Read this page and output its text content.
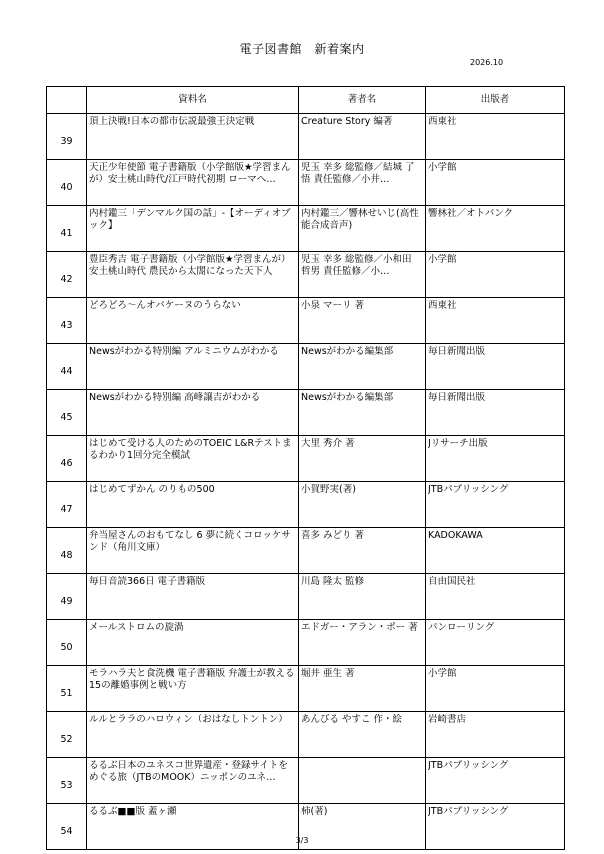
電子図書館　新着案内
2026.10
	資料名	著者名	出版者

39	頂上決戦!日本の都市伝説最強王決定戦	Creature Story 編著	西東社

40	天正少年使節 電子書籍版（小学館版★学習まんが）安土桃山時代/江戸時代初期 ローマへ…	児玉 幸多 総監修／結城 了悟 責任監修／小井…	小学館

41	内村鑑三「デンマルク国の話」-【オーディオブック】	内村鑑三／響林せいじ(高性能合成音声)	響林社／オトバンク

42	豊臣秀吉 電子書籍版（小学館版★学習まんが）安土桃山時代 農民から太閤になった天下人	児玉 幸多 総監修／小和田 哲男 責任監修／小…	小学館

43	どろどろ～んオバケーヌのうらない	小泉 マーリ 著	西東社

44	Newsがわかる特別編 アルミニウムがわかる	Newsがわかる編集部	毎日新聞出版

45	Newsがわかる特別編 高峰譲吉がわかる	Newsがわかる編集部	毎日新聞出版

46	はじめて受ける人のためのTOEIC L&Rテストまるわかり1回分完全模試	大里 秀介 著	Jリサーチ出版

47	はじめてずかん のりもの500	小賀野実(著)	JTBパブリッシング

48	弁当屋さんのおもてなし 6 夢に続くコロッケサンド（角川文庫）	喜多 みどり 著	KADOKAWA

49	毎日音読366日 電子書籍版	川島 隆太 監修	自由国民社

50	メールストロムの旋渦	エドガー・アラン・ポー 著	パンローリング

51	モラハラ夫と食洗機 電子書籍版 弁護士が教える15の離婚事例と戦い方	堀井 亜生 著	小学館

52	ルルとララのハロウィン（おはなしトントン）	あんびる やすこ 作・絵	岩崎書店

53	るるぶ日本のユネスコ世界遺産・登録サイトをめぐる旅（JTBのMOOK）ニッポンのユネ…		JTBパブリッシング

54	るるぶ■■版 蓋ヶ瀬	柿(著)	JTBパブリッシング
3/3
